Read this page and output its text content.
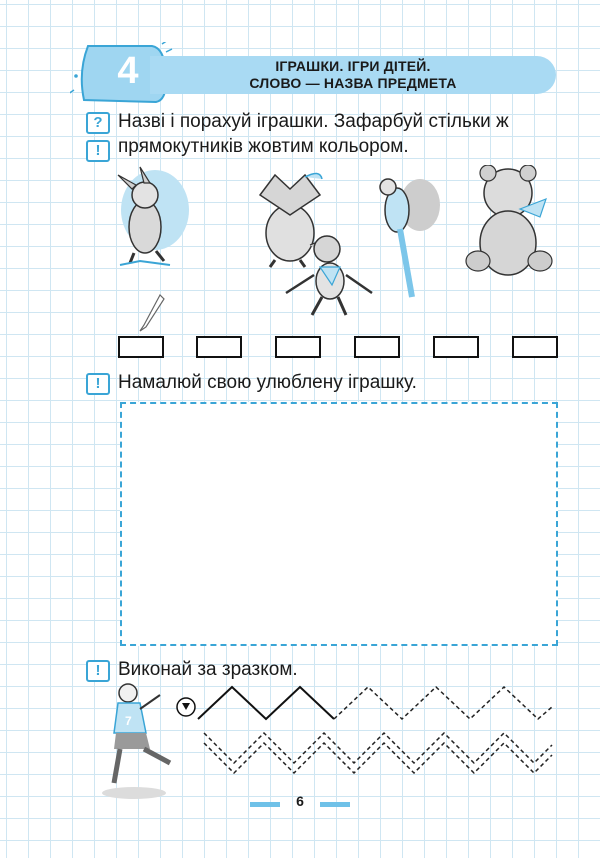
4	ІГРАШКИ. ІГРИ ДІТЕЙ.
СЛОВО — НАЗВА ПРЕДМЕТА
?
!
Назві і порахуй іграшки. Зафарбуй стільки ж
прямокутників жовтим кольором.
! Намалюй свою улюблену іграшку.
! Виконай за зразком.
7
6
